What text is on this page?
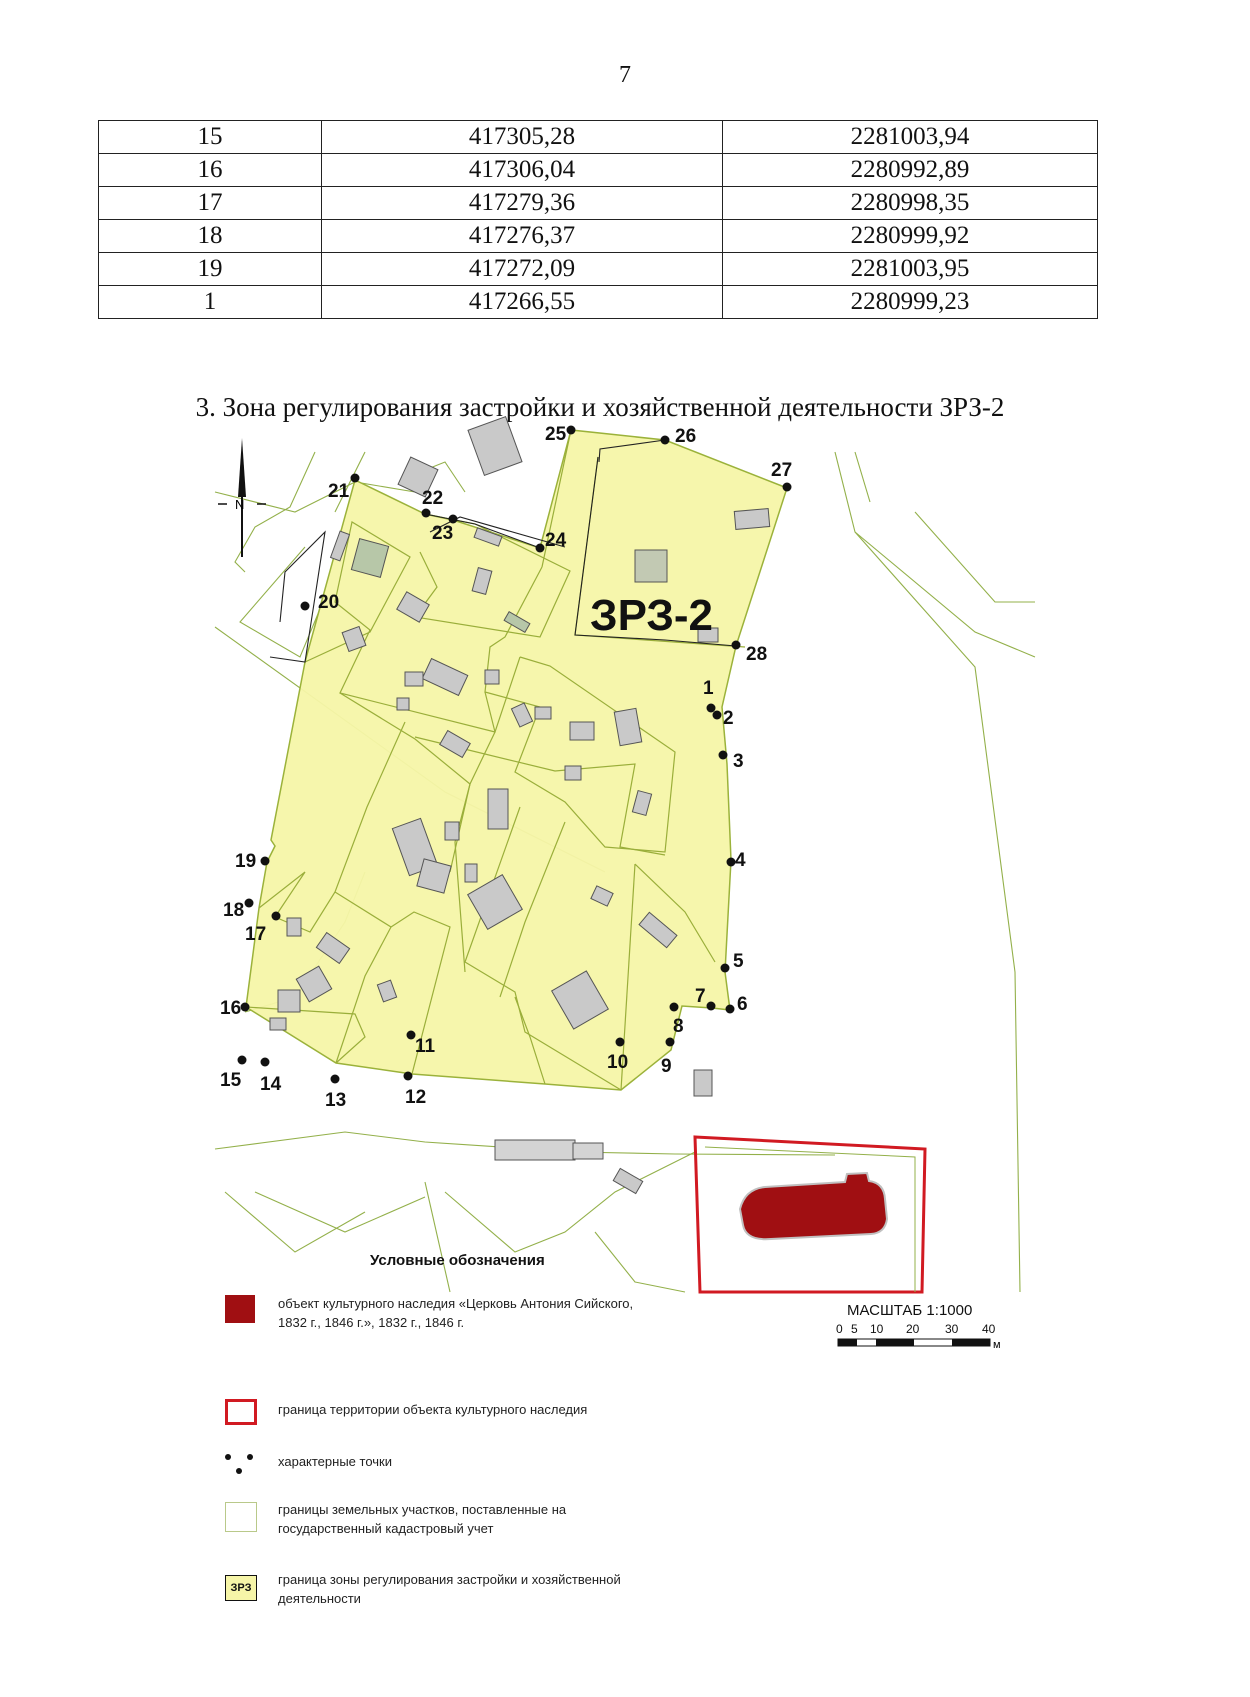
7
15	417305,28	2281003,94
16	417306,04	2280992,89
17	417279,36	2280998,35
18	417276,37	2280999,92
19	417272,09	2281003,95
1	417266,55	2280999,23
3. Зона регулирования застройки и хозяйственной деятельности ЗРЗ-2
N
ЗРЗ-2
1
2
3
4
5
6
7
8
9
10
11
12
13
14
15
16
17
18
19
20
21	22
23	24
25	26
27
28
Условные обозначения
объект культурного наследия «Церковь Антония Сийского, 1832 г., 1846 г.», 1832 г., 1846 г.
граница территории объекта культурного наследия
характерные точки
границы земельных участков, поставленные на государственный кадастровый учет
ЗРЗ
граница зоны регулирования застройки и хозяйственной деятельности
МАСШТАБ 1:1000
0 5 10 20 30 40
м
